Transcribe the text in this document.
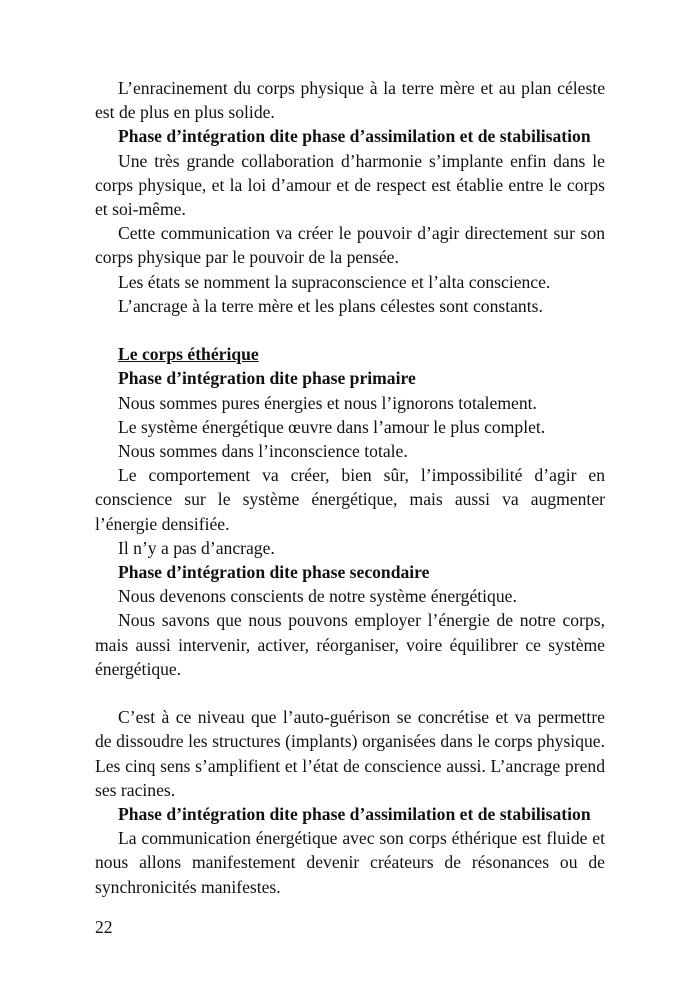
L’enracinement du corps physique à la terre mère et au plan céleste est de plus en plus solide.

Phase d’intégration dite phase d’assimilation et de stabilisation

Une très grande collaboration d’harmonie s’implante enfin dans le corps physique, et la loi d’amour et de respect est établie entre le corps et soi-même.

Cette communication va créer le pouvoir d’agir directement sur son corps physique par le pouvoir de la pensée.

Les états se nomment la supraconscience et l’alta conscience.

L’ancrage à la terre mère et les plans célestes sont constants.

Le corps éthérique

Phase d’intégration dite phase primaire

Nous sommes pures énergies et nous l’ignorons totalement.

Le système énergétique œuvre dans l’amour le plus complet.

Nous sommes dans l’inconscience totale.

Le comportement va créer, bien sûr, l’impossibilité d’agir en conscience sur le système énergétique, mais aussi va augmenter l’énergie densifiée.

Il n’y a pas d’ancrage.

Phase d’intégration dite phase secondaire

Nous devenons conscients de notre système énergétique.

Nous savons que nous pouvons employer l’énergie de notre corps, mais aussi intervenir, activer, réorganiser, voire équilibrer ce système énergétique.

C’est à ce niveau que l’auto-guérison se concrétise et va permettre de dissoudre les structures (implants) organisées dans le corps physique. Les cinq sens s’amplifient et l’état de conscience aussi. L’ancrage prend ses racines.

Phase d’intégration dite phase d’assimilation et de stabilisation

La communication énergétique avec son corps éthérique est fluide et nous allons manifestement devenir créateurs de résonances ou de synchronicités manifestes.

22
